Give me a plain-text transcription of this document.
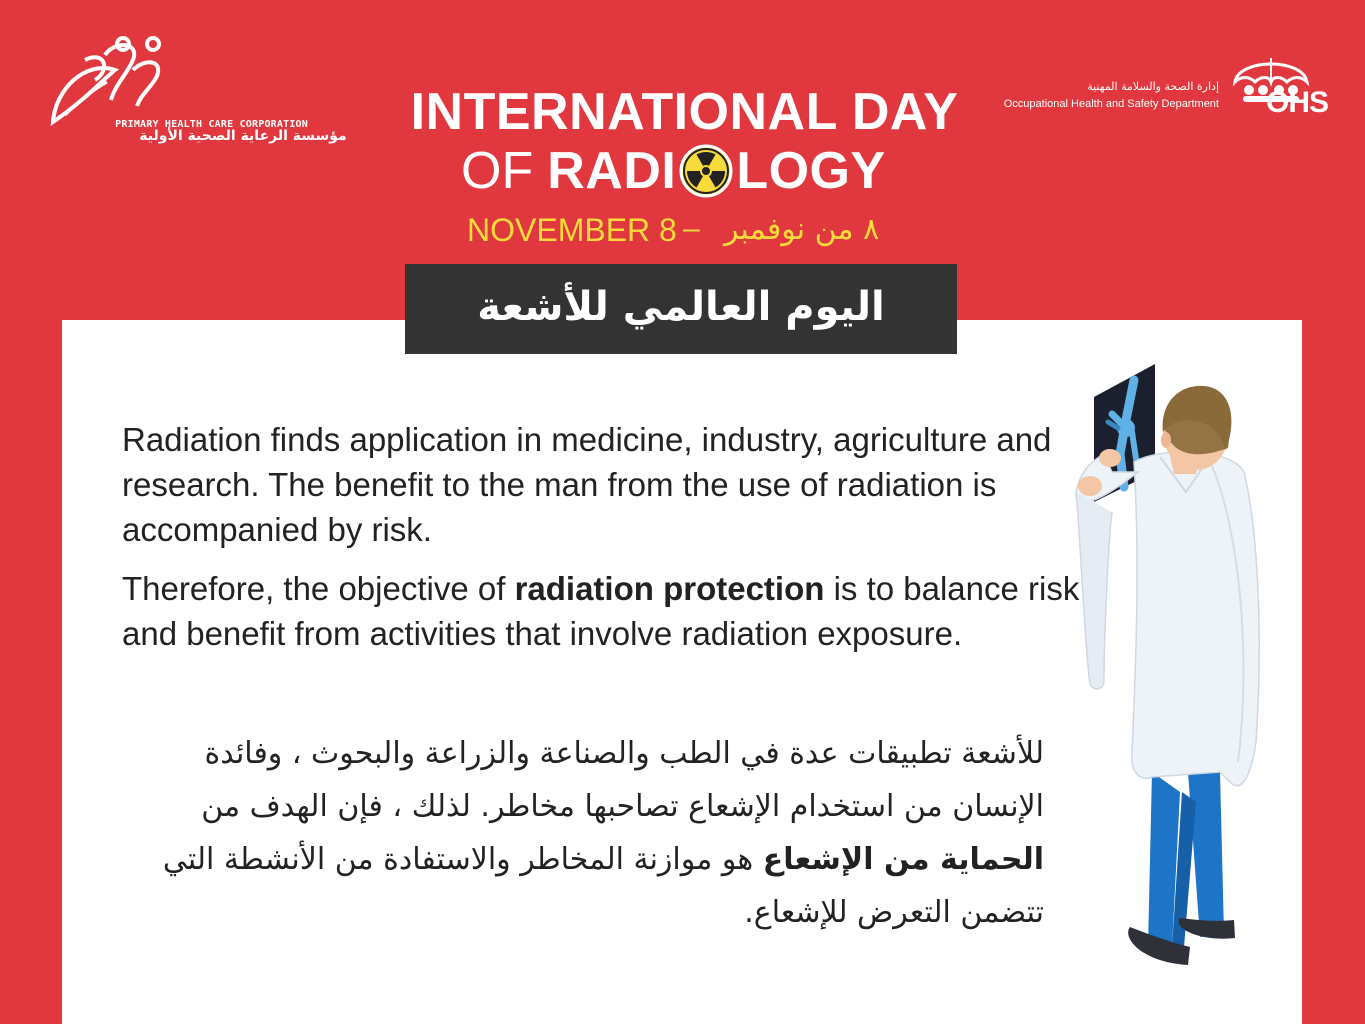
مؤسسة الرعاية الصحية الأولية
PRIMARY HEALTH CARE CORPORATION
إدارة الصحة والسلامة المهنية
Occupational Health and Safety Department OHS
INTERNATIONAL DAY
OF RADI LOGY
NOVEMBER 8 – ٨ من نوفمبر
اليوم العالمي للأشعة
Radiation finds application in medicine, industry, agriculture and research. The benefit to the man from the use of radiation is accompanied by risk.
Therefore, the objective of radiation protection is to balance risk and benefit from activities that involve radiation exposure.
للأشعة تطبيقات عدة في الطب والصناعة والزراعة والبحوث ، وفائدة الإنسان من استخدام الإشعاع تصاحبها مخاطر. لذلك ، فإن الهدف من الحماية من الإشعاع هو موازنة المخاطر والاستفادة من الأنشطة التي تتضمن التعرض للإشعاع.
